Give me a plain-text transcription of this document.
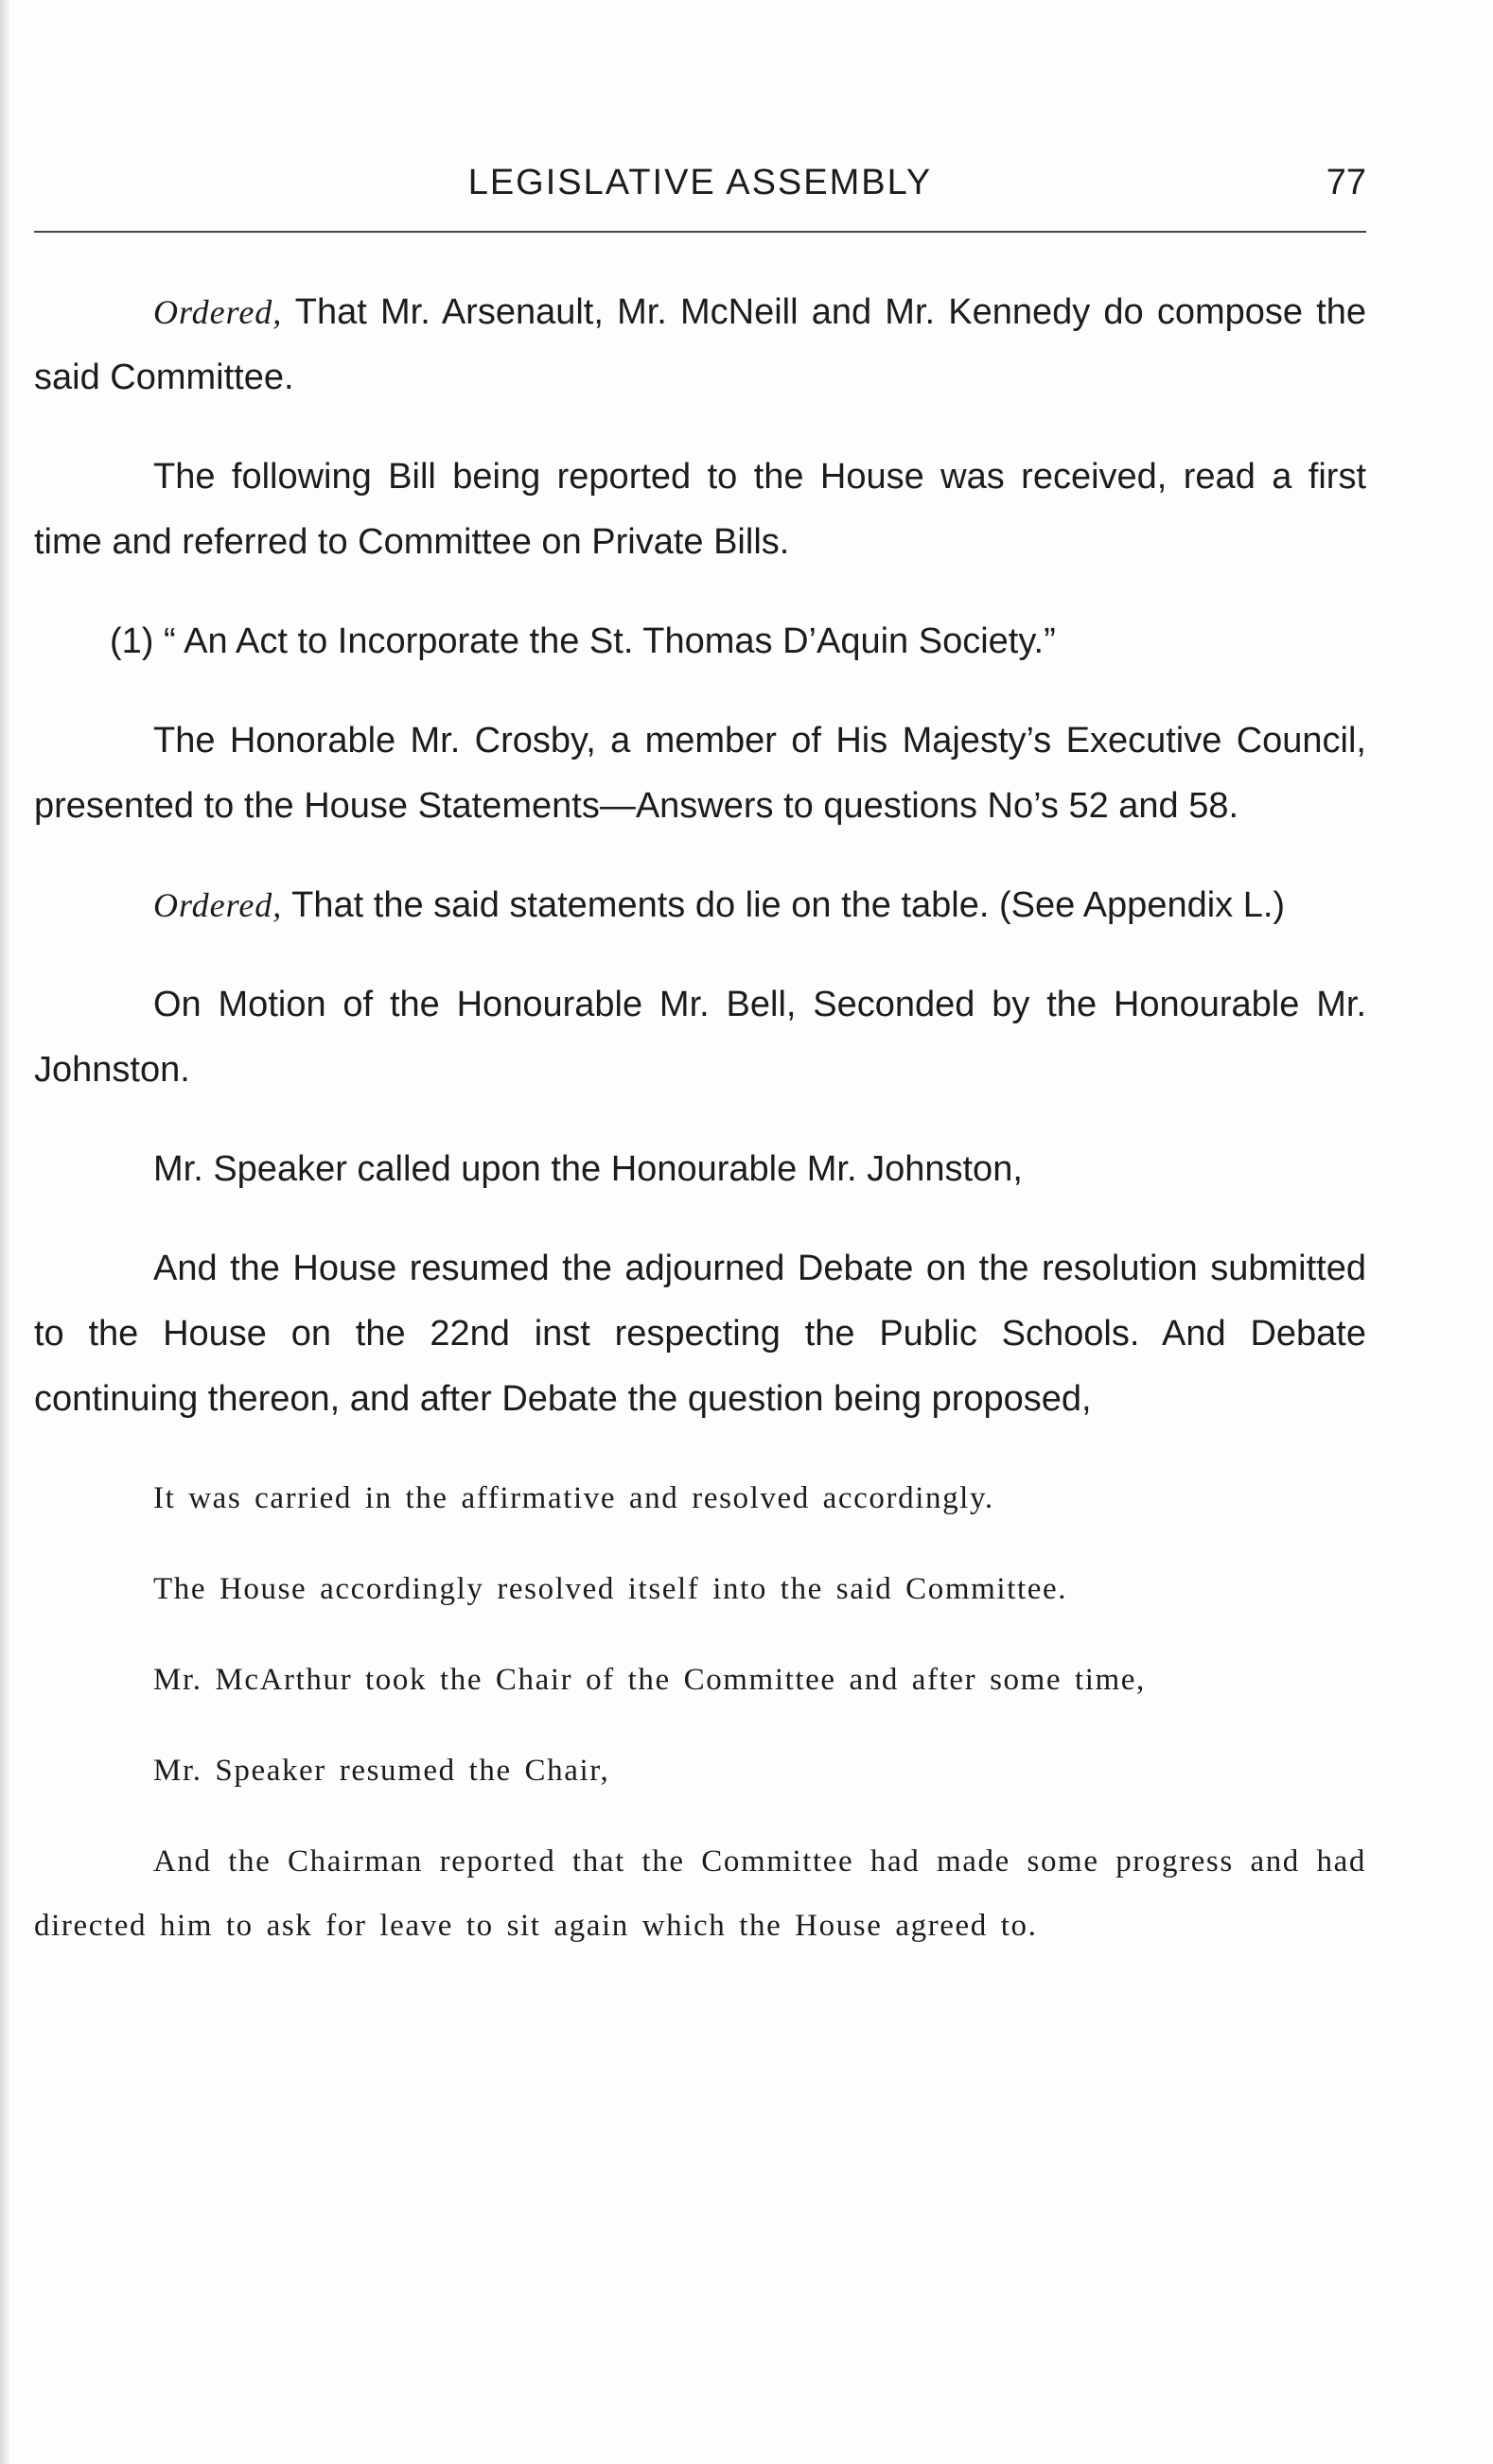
LEGISLATIVE ASSEMBLY	77

Ordered, That Mr. Arsenault, Mr. McNeill and Mr. Kennedy do compose the said Committee.

The following Bill being reported to the House was received, read a first time and referred to Committee on Private Bills.

(1) “ An Act to Incorporate the St. Thomas D’Aquin Society.”

The Honorable Mr. Crosby, a member of His Majesty’s Executive Council, presented to the House Statements—Answers to questions No’s 52 and 58.

Ordered, That the said statements do lie on the table. (See Appendix L.)

On Motion of the Honourable Mr. Bell, Seconded by the Honourable Mr. Johnston.

Mr. Speaker called upon the Honourable Mr. Johnston,

And the House resumed the adjourned Debate on the resolution submitted to the House on the 22nd inst respecting the Public Schools. And Debate continuing thereon, and after Debate the question being proposed,

It was carried in the affirmative and resolved accordingly.

The House accordingly resolved itself into the said Committee.

Mr. McArthur took the Chair of the Committee and after some time,

Mr. Speaker resumed the Chair,

And the Chairman reported that the Committee had made some progress and had directed him to ask for leave to sit again which the House agreed to.
